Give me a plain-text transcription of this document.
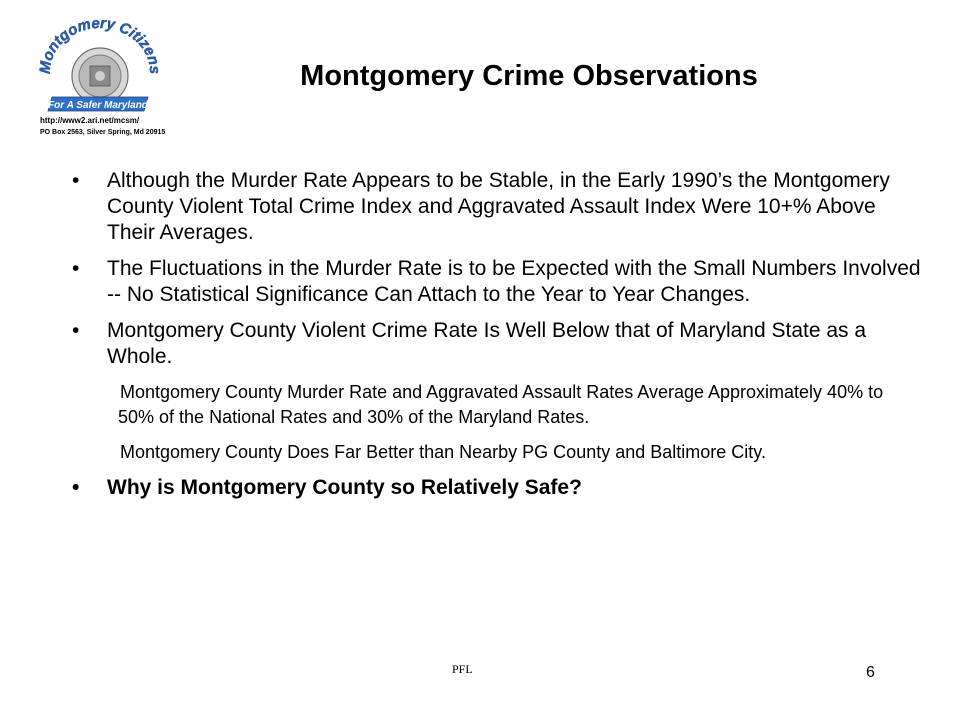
Montgomery Citizens
For A Safer Maryland
http://www2.ari.net/mcsm/
PO Box 2563, Silver Spring, Md 20915
Montgomery Crime Observations
• Although the Murder Rate Appears to be Stable, in the Early 1990’s the Montgomery County Violent Total Crime Index and Aggravated Assault Index Were 10+% Above Their Averages.
• The Fluctuations in the Murder Rate is to be Expected with the Small Numbers Involved -- No Statistical Significance Can Attach to the Year to Year Changes.
• Montgomery County Violent Crime Rate Is Well Below that of Maryland State as a Whole.
Montgomery County Murder Rate and Aggravated Assault Rates Average Approximately 40% to 50% of the National Rates and 30% of the Maryland Rates.
Montgomery County Does Far Better than Nearby PG County and Baltimore City.
• Why is Montgomery County so Relatively Safe?
PFL	6
